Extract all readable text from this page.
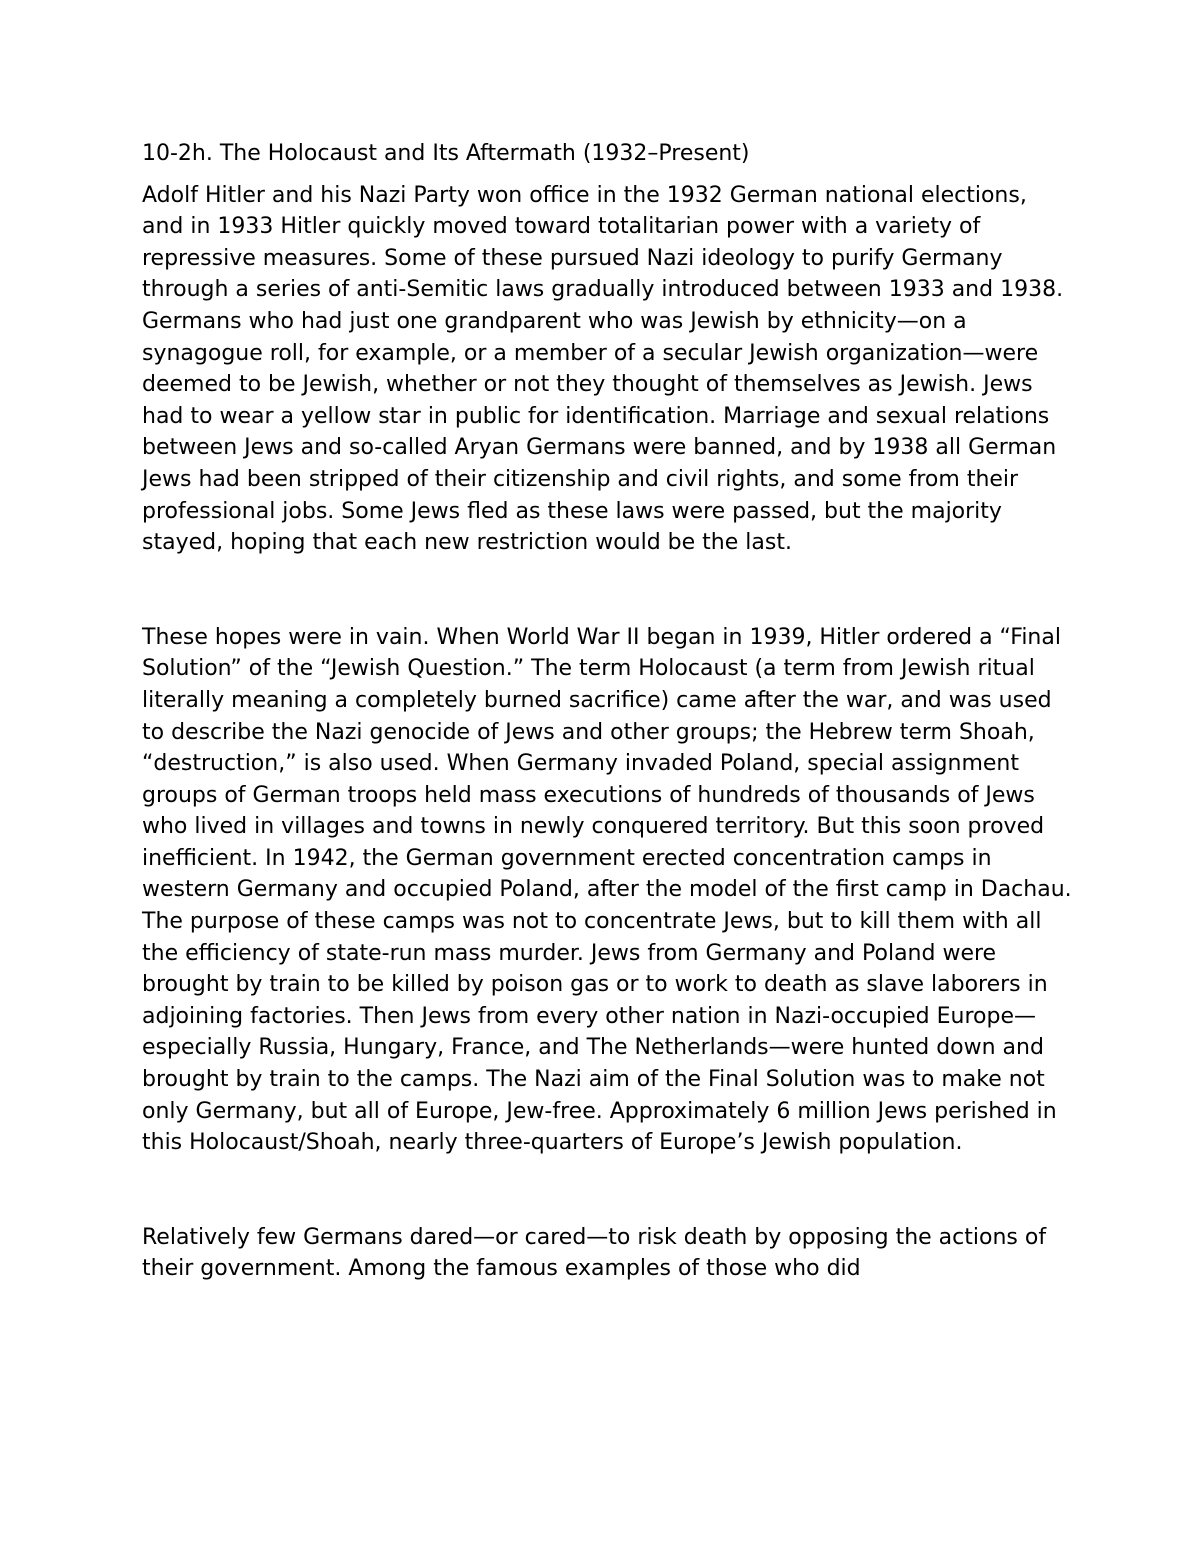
10-2h. The Holocaust and Its Aftermath (1932–Present)

Adolf Hitler and his Nazi Party won office in the 1932 German national elections, and in 1933 Hitler quickly moved toward totalitarian power with a variety of repressive measures. Some of these pursued Nazi ideology to purify Germany through a series of anti-Semitic laws gradually introduced between 1933 and 1938. Germans who had just one grandparent who was Jewish by ethnicity—on a synagogue roll, for example, or a member of a secular Jewish organization—were deemed to be Jewish, whether or not they thought of themselves as Jewish. Jews had to wear a yellow star in public for identification. Marriage and sexual relations between Jews and so-called Aryan Germans were banned, and by 1938 all German Jews had been stripped of their citizenship and civil rights, and some from their professional jobs. Some Jews fled as these laws were passed, but the majority stayed, hoping that each new restriction would be the last.

These hopes were in vain. When World War II began in 1939, Hitler ordered a “Final Solution” of the “Jewish Question.” The term Holocaust (a term from Jewish ritual literally meaning a completely burned sacrifice) came after the war, and was used to describe the Nazi genocide of Jews and other groups; the Hebrew term Shoah, “destruction,” is also used. When Germany invaded Poland, special assignment groups of German troops held mass executions of hundreds of thousands of Jews who lived in villages and towns in newly conquered territory. But this soon proved inefficient. In 1942, the German government erected concentration camps in western Germany and occupied Poland, after the model of the first camp in Dachau. The purpose of these camps was not to concentrate Jews, but to kill them with all the efficiency of state-run mass murder. Jews from Germany and Poland were brought by train to be killed by poison gas or to work to death as slave laborers in adjoining factories. Then Jews from every other nation in Nazi-occupied Europe—especially Russia, Hungary, France, and The Netherlands—were hunted down and brought by train to the camps. The Nazi aim of the Final Solution was to make not only Germany, but all of Europe, Jew-free. Approximately 6 million Jews perished in this Holocaust/Shoah, nearly three-quarters of Europe’s Jewish population.

Relatively few Germans dared—or cared—to risk death by opposing the actions of their government. Among the famous examples of those who did
